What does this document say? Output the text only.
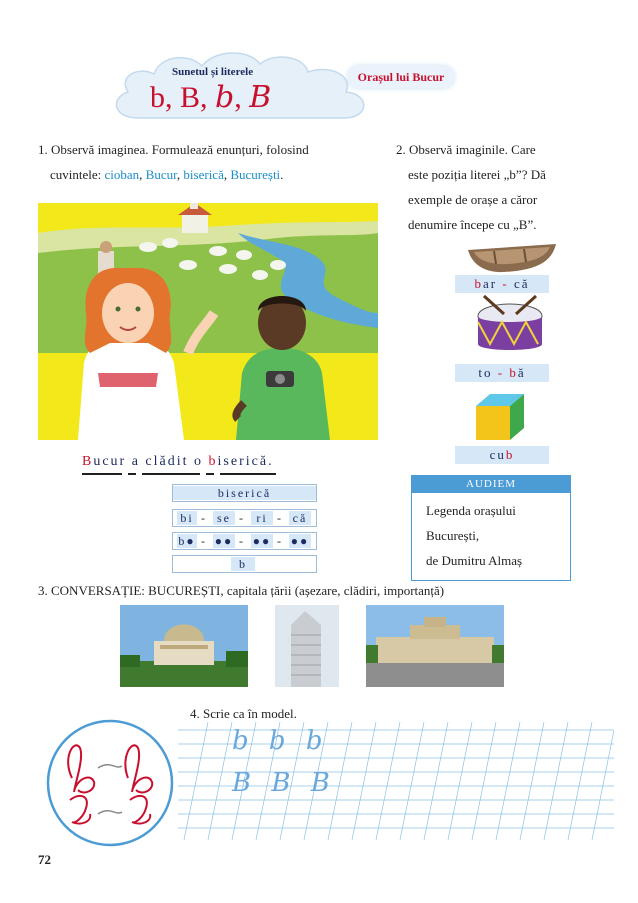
Sunetul și literele
b, B, b, B
Orașul lui Bucur
1. Observă imaginea. Formulează enunțuri, folosind
cuvintele: cioban, Bucur, biserică, București.
Bucur a clădit o biserică.
biserică
bi -	se -	ri - că
b● - ●● - ●● - ●●
b
2. Observă imaginile. Care
este poziția literei „b”? Dă
exemple de orașe a căror
denumire începe cu „B”.
bar - că
to - bă
cub
AUDIEM
Legenda orașului
București,
de Dumitru Almaș
3. CONVERSAȚIE: BUCUREȘTI, capitala țării (așezare, clădiri, importanță)
4. Scrie ca în model.
b b b
B B B
72
